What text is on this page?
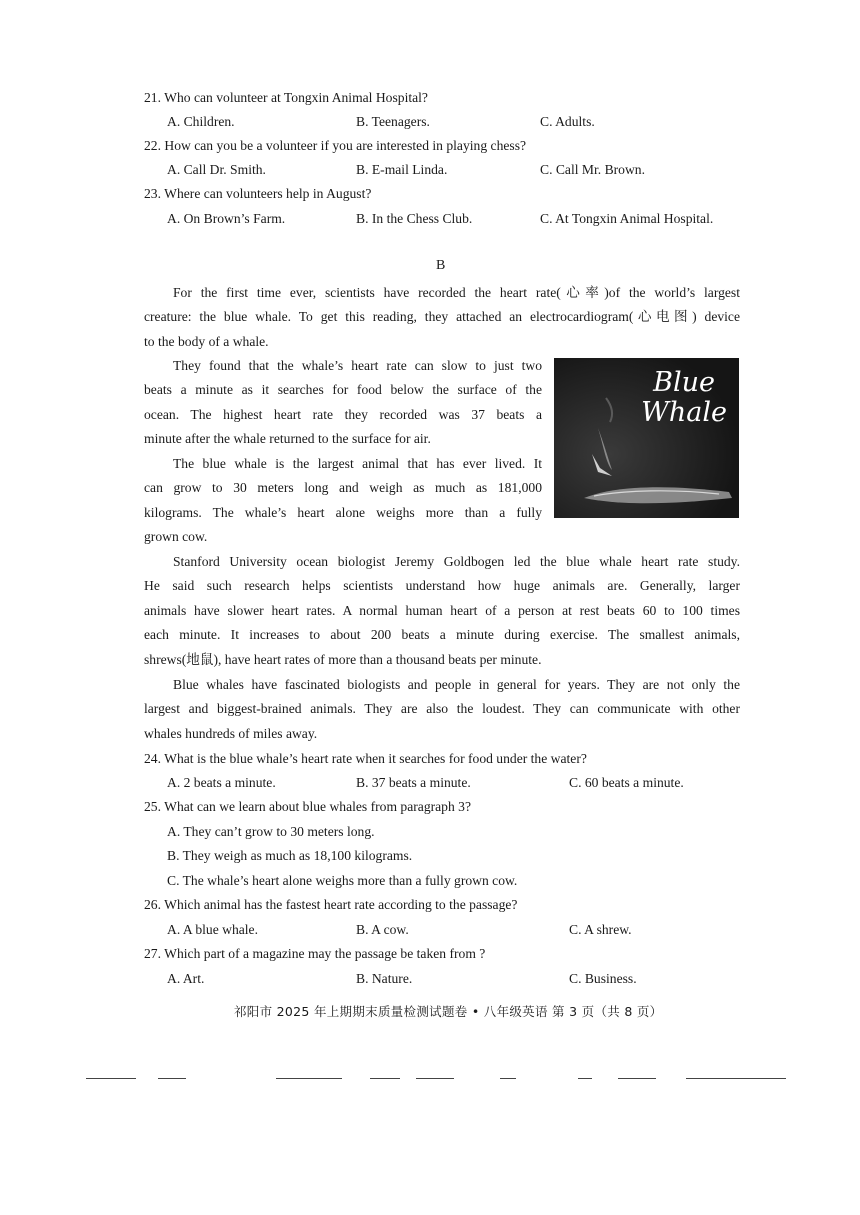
21. Who can volunteer at Tongxin Animal Hospital?
A. Children.	B. Teenagers.	C. Adults.
22. How can you be a volunteer if you are interested in playing chess?
A. Call Dr. Smith.	B. E-mail Linda.	C. Call Mr. Brown.
23. Where can volunteers help in August?
A. On Brown’s Farm.	B. In the Chess Club.	C. At Tongxin Animal Hospital.
B
For the first time ever, scientists have recorded the heart rate(心率)of the world’s largest
creature: the blue whale. To get this reading, they attached an electrocardiogram(心电图) device
to the body of a whale.
They found that the whale’s heart rate can slow to just two
beats a minute as it searches for food below the surface of the
ocean. The highest heart rate they recorded was 37 beats a
minute after the whale returned to the surface for air.
The blue whale is the largest animal that has ever lived. It
can grow to 30 meters long and weigh as much as 181,000
kilograms. The whale’s heart alone weighs more than a fully
grown cow.
Blue
Whale
Stanford University ocean biologist Jeremy Goldbogen led the blue whale heart rate study.
He said such research helps scientists understand how huge animals are. Generally, larger
animals have slower heart rates. A normal human heart of a person at rest beats 60 to 100 times
each minute. It increases to about 200 beats a minute during exercise. The smallest animals,
shrews(地鼠), have heart rates of more than a thousand beats per minute.
Blue whales have fascinated biologists and people in general for years. They are not only the
largest and biggest-brained animals. They are also the loudest. They can communicate with other
whales hundreds of miles away.
24. What is the blue whale’s heart rate when it searches for food under the water?
A. 2 beats a minute.	B. 37 beats a minute.	C. 60 beats a minute.
25. What can we learn about blue whales from paragraph 3?
A. They can’t grow to 30 meters long.
B. They weigh as much as 18,100 kilograms.
C. The whale’s heart alone weighs more than a fully grown cow.
26. Which animal has the fastest heart rate according to the passage?
A. A blue whale.	B. A cow.	C. A shrew.
27. Which part of a magazine may the passage be taken from ?
A. Art.	B. Nature.	C. Business.
祁阳市 2025 年上期期末质量检测试题卷 • 八年级英语 第 3 页（共 8 页）
